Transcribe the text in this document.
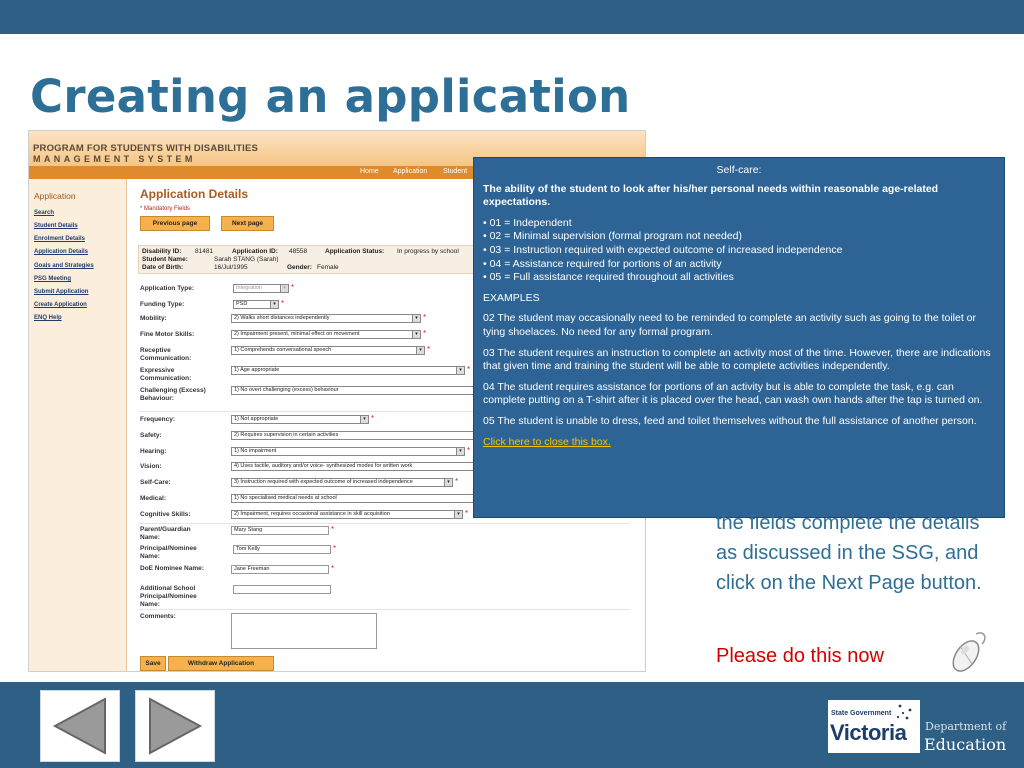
Creating an application
PROGRAM FOR STUDENTS WITH DISABILITIES
MANAGEMENT SYSTEM
Home Application Student
Application
Search
Student Details
Enrolment Details
Application Details
Goals and Strategies
PSG Meeting
Submit Application
Create Application
ENQ Help
Application Details
* Mandatory Fields
Previous page	Next page
Disability ID: 81481	Application ID: 48558	Application Status: In progress by school
Student Name:	Sarah STANG (Sarah)
Date of Birth:	16/Jul/1995	Gender: Female
Application Type:	Integration	▾ *
Funding Type:	PSD	▾ *
Mobility:	2) Walks short distances independently	▾ *
Fine Motor Skills:	2) Impairment present, minimal effect on movement	▾ *
Receptive Communication:
1) Comprehends conversational speech	▾ *
Expressive Communication:
1) Age appropriate	▾ *
Challenging (Excess) Behaviour:
1) No overt challenging (excess) behaviour
Frequency:	1) Not appropriate	▾ *
Safety:	2) Requires supervision in certain activities
Hearing:	1) No impairment	▾ *
Vision:	4) Uses tactile, auditory and/or voice- synthesized modes for written work
Self-Care:	3) Instruction required with expected outcome of increased independence	▾ *
Medical:	1) No specialised medical needs at school
Cognitive Skills:	2) Impairment, requires occasional assistance in skill acquisition	▾ *
Parent/Guardian Name:
Mary Stang	*
Principal/Nominee Name:
Tom Kelly	*
DoE Nominee Name:	Jane Freeman	*
Additional School Principal/Nominee Name:
Comments:
Save	Withdraw Application
Self-care:
The ability of the student to look after his/her personal needs within reasonable age-related expectations.
• 01 = Independent
• 02 = Minimal supervision (formal program not needed)
• 03 = Instruction required with expected outcome of increased independence
• 04 = Assistance required for portions of an activity
• 05 = Full assistance required throughout all activities
EXAMPLES
02 The student may occasionally need to be reminded to complete an activity such as going to the toilet or tying shoelaces. No need for any formal program.
03 The student requires an instruction to complete an activity most of the time. However, there are indications that given time and training the student will be able to complete activities independently.
04 The student requires assistance for portions of an activity but is able to complete the task, e.g. can complete putting on a T-shirt after it is placed over the head, can wash own hands after the tap is turned on.
05 The student is unable to dress, feed and toilet themselves without the full assistance of another person.
Click here to close this box.
the fields complete the details as discussed in the SSG, and click on the Next Page button.
Please do this now
State Government
Victoria Department of
Education
